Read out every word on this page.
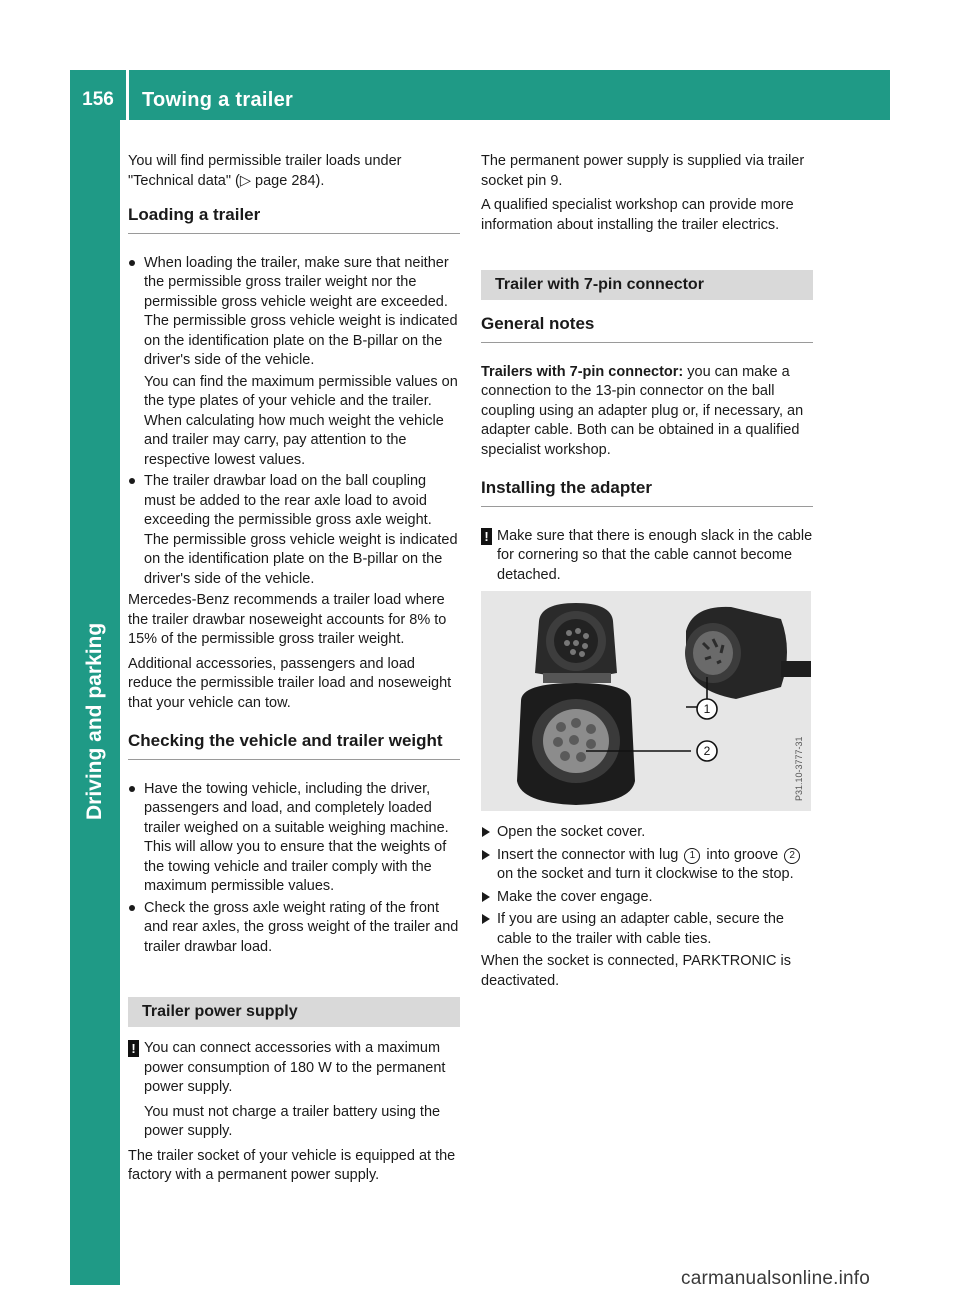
156	Towing a trailer
Driving and parking

You will find permissible trailer loads under "Technical data" (▷ page 284).

Loading a trailer

When loading the trailer, make sure that neither the permissible gross trailer weight nor the permissible gross vehicle weight are exceeded. The permissible gross vehicle weight is indicated on the identification plate on the B-pillar on the driver's side of the vehicle.

You can find the maximum permissible values on the type plates of your vehicle and the trailer. When calculating how much weight the vehicle and trailer may carry, pay attention to the respective lowest values.

The trailer drawbar load on the ball coupling must be added to the rear axle load to avoid exceeding the permissible gross axle weight. The permissible gross vehicle weight is indicated on the identification plate on the B-pillar on the driver's side of the vehicle.

Mercedes-Benz recommends a trailer load where the trailer drawbar noseweight accounts for 8% to 15% of the permissible gross trailer weight.

Additional accessories, passengers and load reduce the permissible trailer load and noseweight that your vehicle can tow.

Checking the vehicle and trailer weight

Have the towing vehicle, including the driver, passengers and load, and completely loaded trailer weighed on a suitable weighing machine. This will allow you to ensure that the weights of the towing vehicle and trailer comply with the maximum permissible values.

Check the gross axle weight rating of the front and rear axles, the gross weight of the trailer and trailer drawbar load.

Trailer power supply
! You can connect accessories with a maximum power consumption of 180 W to the permanent power supply.

You must not charge a trailer battery using the power supply.

The trailer socket of your vehicle is equipped at the factory with a permanent power supply.

The permanent power supply is supplied via trailer socket pin 9.

A qualified specialist workshop can provide more information about installing the trailer electrics.

Trailer with 7-pin connector
General notes

Trailers with 7-pin connector: you can make a connection to the 13-pin connector on the ball coupling using an adapter plug or, if necessary, an adapter cable. Both can be obtained in a qualified specialist workshop.

Installing the adapter
! Make sure that there is enough slack in the cable for cornering so that the cable cannot become detached.

1
2	P31.10-3777-31
Open the socket cover.
Insert the connector with lug 1 into groove 2 on the socket and turn it clockwise to the stop.
Make the cover engage.
If you are using an adapter cable, secure the cable to the trailer with cable ties.

When the socket is connected, PARKTRONIC is deactivated.

carmanualsonline.info
